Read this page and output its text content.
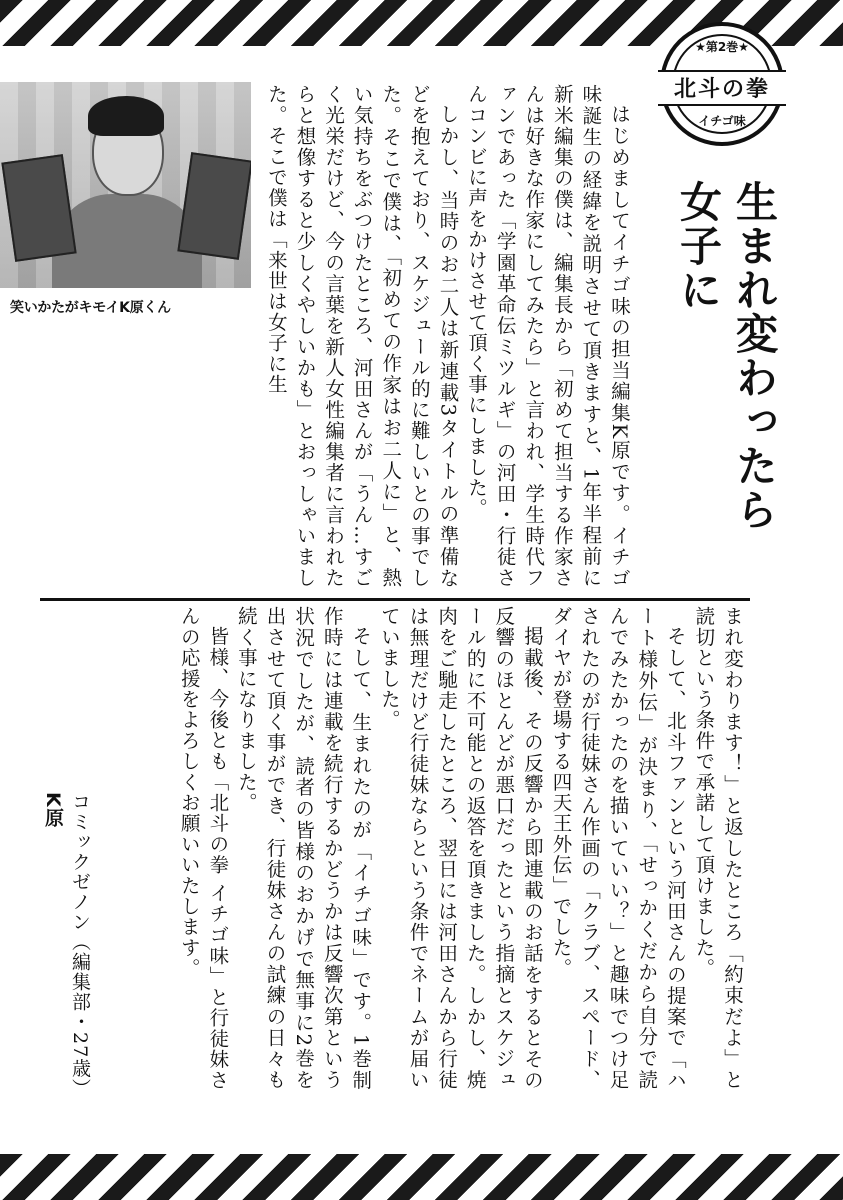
★第2巻★
北斗の拳
イチゴ味
生まれ変わったら
女子に

はじめましてイチゴ味の担当編集K原です。イチゴ味誕生の経緯を説明させて頂きますと、1年半程前に新米編集の僕は、編集長から「初めて担当する作家さんは好きな作家にしてみたら」と言われ、学生時代ファンであった「学園革命伝ミツルギ」の河田・行徒さんコンビに声をかけさせて頂く事にしました。

しかし、当時のお二人は新連載3タイトルの準備などを抱えており、スケジュール的に難しいとの事でした。そこで僕は、「初めての作家はお二人に」と、熱い気持ちをぶつけたところ、河田さんが「うん…すごく光栄だけど、今の言葉を新人女性編集者に言われたらと想像すると少しくやしいかも」とおっしゃいました。そこで僕は「来世は女子に生

笑いかたがキモイK原くん

まれ変わります！」と返したところ「約束だよ」と読切という条件で承諾して頂けました。

そして、北斗ファンという河田さんの提案で「ハート様外伝」が決まり、「せっかくだから自分で読んでみたかったのを描いていい？」と趣味でつけ足されたのが行徒妹さん作画の「クラブ、スペード、ダイヤが登場する四天王外伝」でした。

掲載後、その反響から即連載のお話をするとその反響のほとんどが悪口だったという指摘とスケジュール的に不可能との返答を頂きました。しかし、焼肉をご馳走したところ、翌日には河田さんから行徒は無理だけど行徒妹ならという条件でネームが届いていました。

そして、生まれたのが「イチゴ味」です。1巻制作時には連載を続行するかどうかは反響次第という状況でしたが、読者の皆様のおかげで無事に2巻を出させて頂く事ができ、行徒妹さんの試練の日々も続く事になりました。

皆様、今後とも「北斗の拳 イチゴ味」と行徒妹さんの応援をよろしくお願いいたします。

コミックゼノン（編集部・27歳）K原
